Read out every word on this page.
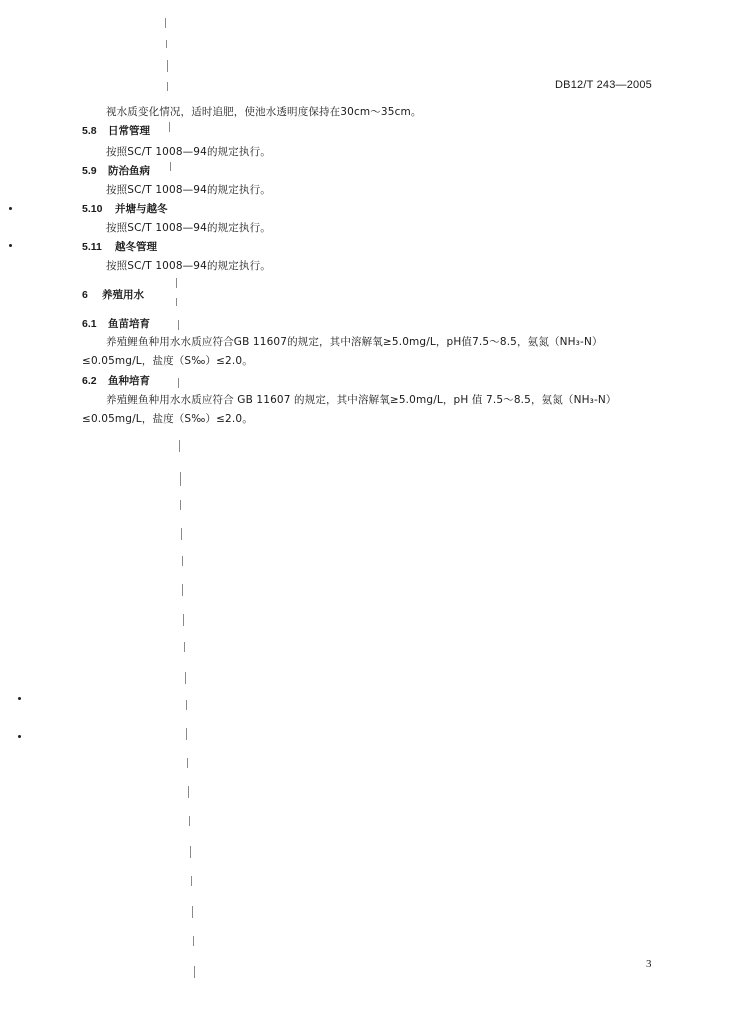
DB12/T 243—2005
视水质变化情况，适时追肥，使池水透明度保持在30cm～35cm。
5.8 日常管理
按照SC/T 1008—94的规定执行。
5.9 防治鱼病
按照SC/T 1008—94的规定执行。
5.10 并塘与越冬
按照SC/T 1008—94的规定执行。
5.11 越冬管理
按照SC/T 1008—94的规定执行。
6 养殖用水
6.1 鱼苗培育
养殖鲤鱼种用水水质应符合GB 11607的规定，其中溶解氧≥5.0mg/L，pH值7.5～8.5，氨氮（NH₃-N）
≤0.05mg/L，盐度（S‰）≤2.0。
6.2 鱼种培育
养殖鲤鱼种用水水质应符合 GB 11607 的规定，其中溶解氧≥5.0mg/L，pH 值 7.5～8.5，氨氮（NH₃-N）
≤0.05mg/L，盐度（S‰）≤2.0。
3
